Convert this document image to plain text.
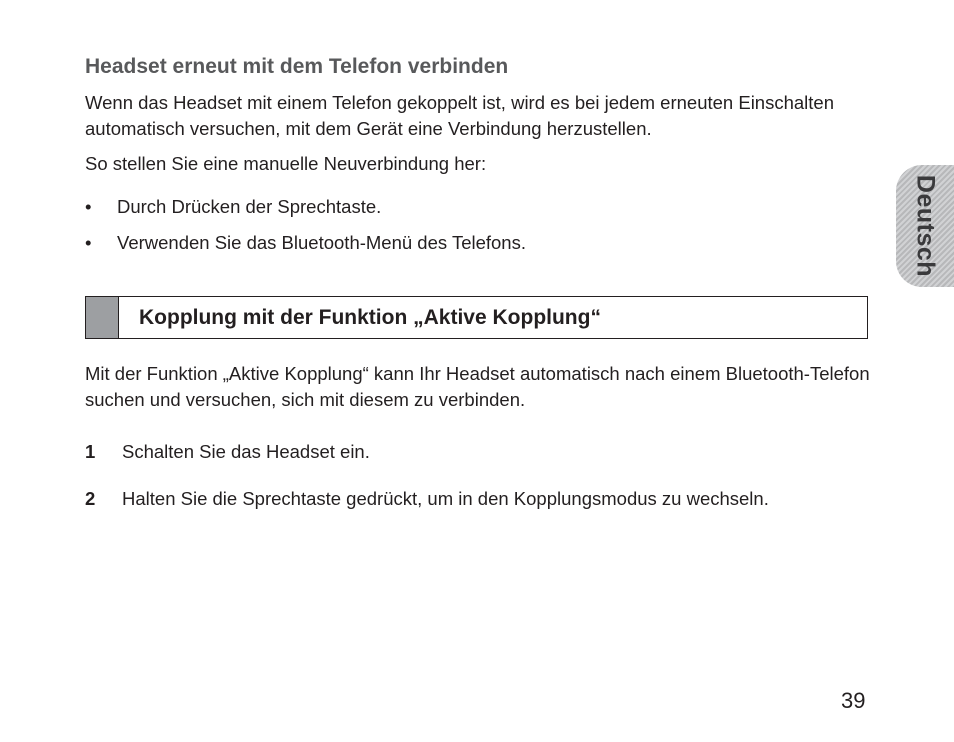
Headset erneut mit dem Telefon verbinden

Wenn das Headset mit einem Telefon gekoppelt ist, wird es bei jedem erneuten Einschalten automatisch versuchen, mit dem Gerät eine Verbindung herzustellen.

So stellen Sie eine manuelle Neuverbindung her:

• Durch Drücken der Sprechtaste.
• Verwenden Sie das Bluetooth-Menü des Telefons.
Kopplung mit der Funktion „Aktive Kopplung“

Mit der Funktion „Aktive Kopplung“ kann Ihr Headset automatisch nach einem Bluetooth-Telefon suchen und versuchen, sich mit diesem zu verbinden.

1 Schalten Sie das Headset ein.
2 Halten Sie die Sprechtaste gedrückt, um in den Kopplungsmodus zu wechseln.
Deutsch
39
